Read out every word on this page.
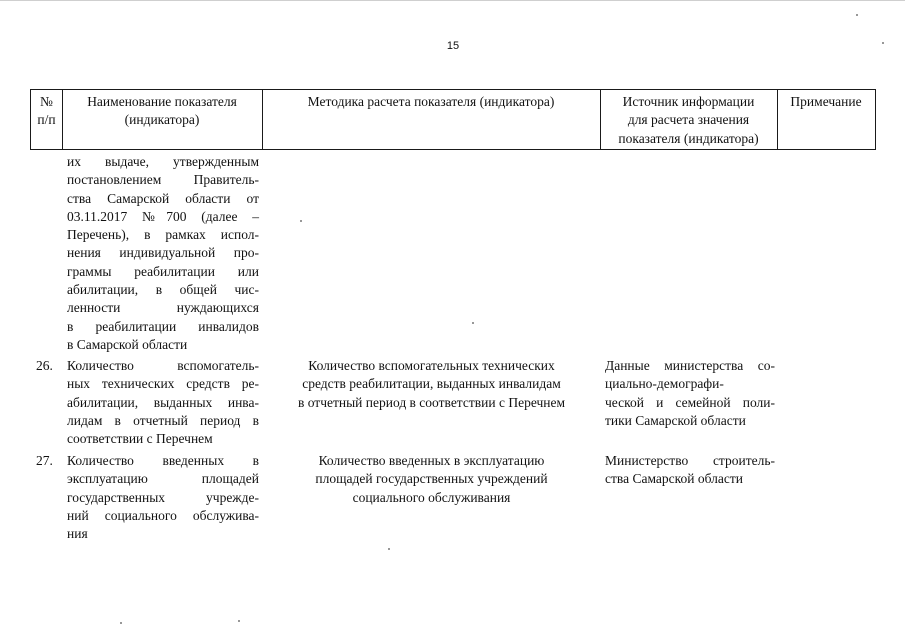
15
№
п/п
Наименование показателя
(индикатора)
Методика расчета показателя (индикатора)	Источник информации
для расчета значения
показателя (индикатора)
Примечание
их выдаче, утвержденным
постановлением Правитель-
ства Самарской области от
03.11.2017 №700 (далее –
Перечень), в рамках испол-
нения индивидуальной про-
граммы реабилитации или
абилитации, в общей чис-
ленности нуждающихся
в реабилитации инвалидов
в Самарской области
26. Количество вспомогатель-
ных технических средств ре-
абилитации, выданных инва-
лидам в отчетный период в
соответствии с Перечнем
Количество вспомогательных технических
средств реабилитации, выданных инвалидам
в отчетный период в соответствии с Перечнем
Данные министерства со-
циально-демографи-
ческой и семейной поли-
тики Самарской области
27. Количество введенных в
эксплуатацию площадей
государственных учрежде-
ний социального обслужива-
ния
Количество введенных в эксплуатацию
площадей государственных учреждений
социального обслуживания
Министерство строитель-
ства Самарской области
